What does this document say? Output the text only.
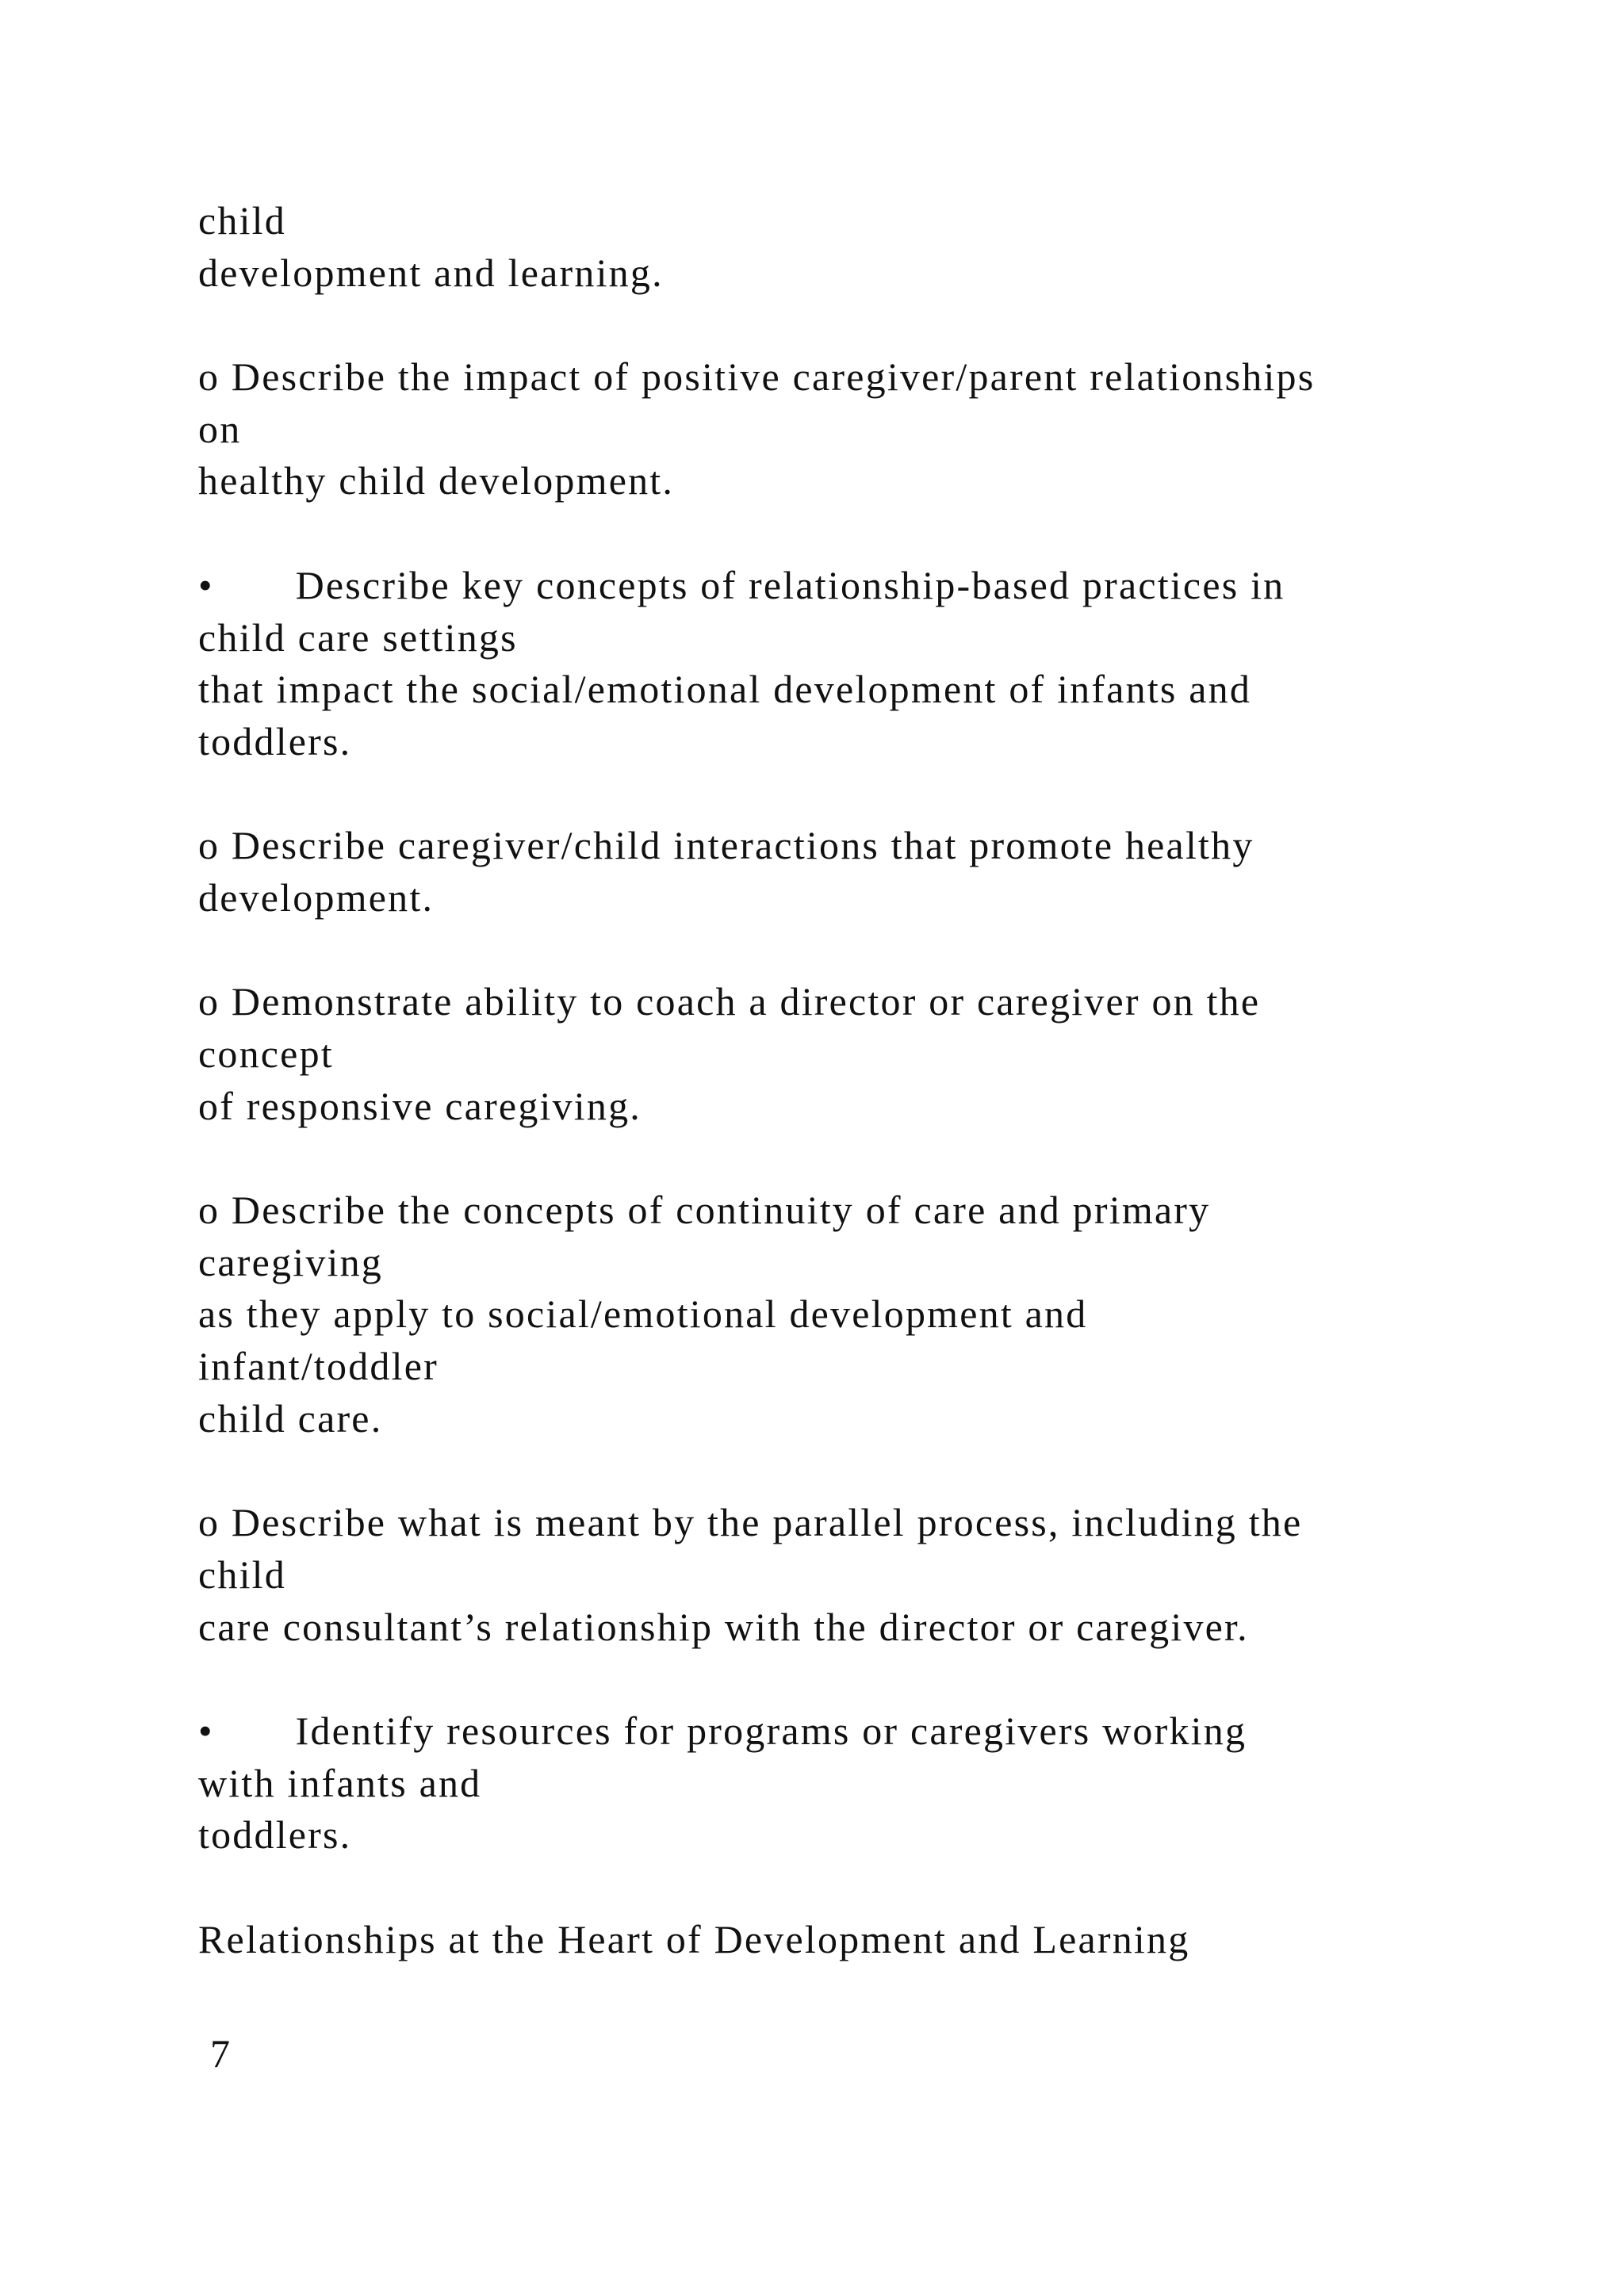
child
development and learning.
o Describe the impact of positive caregiver/parent relationships
on
healthy child development.
•       Describe key concepts of relationship-based practices in
child care settings
that impact the social/emotional development of infants and
toddlers.
o Describe caregiver/child interactions that promote healthy
development.
o Demonstrate ability to coach a director or caregiver on the
concept
of responsive caregiving.
o Describe the concepts of continuity of care and primary
caregiving
as they apply to social/emotional development and
infant/toddler
child care.
o Describe what is meant by the parallel process, including the
child
care consultant’s relationship with the director or caregiver.
•       Identify resources for programs or caregivers working
with infants and
toddlers.
Relationships at the Heart of Development and Learning
7
